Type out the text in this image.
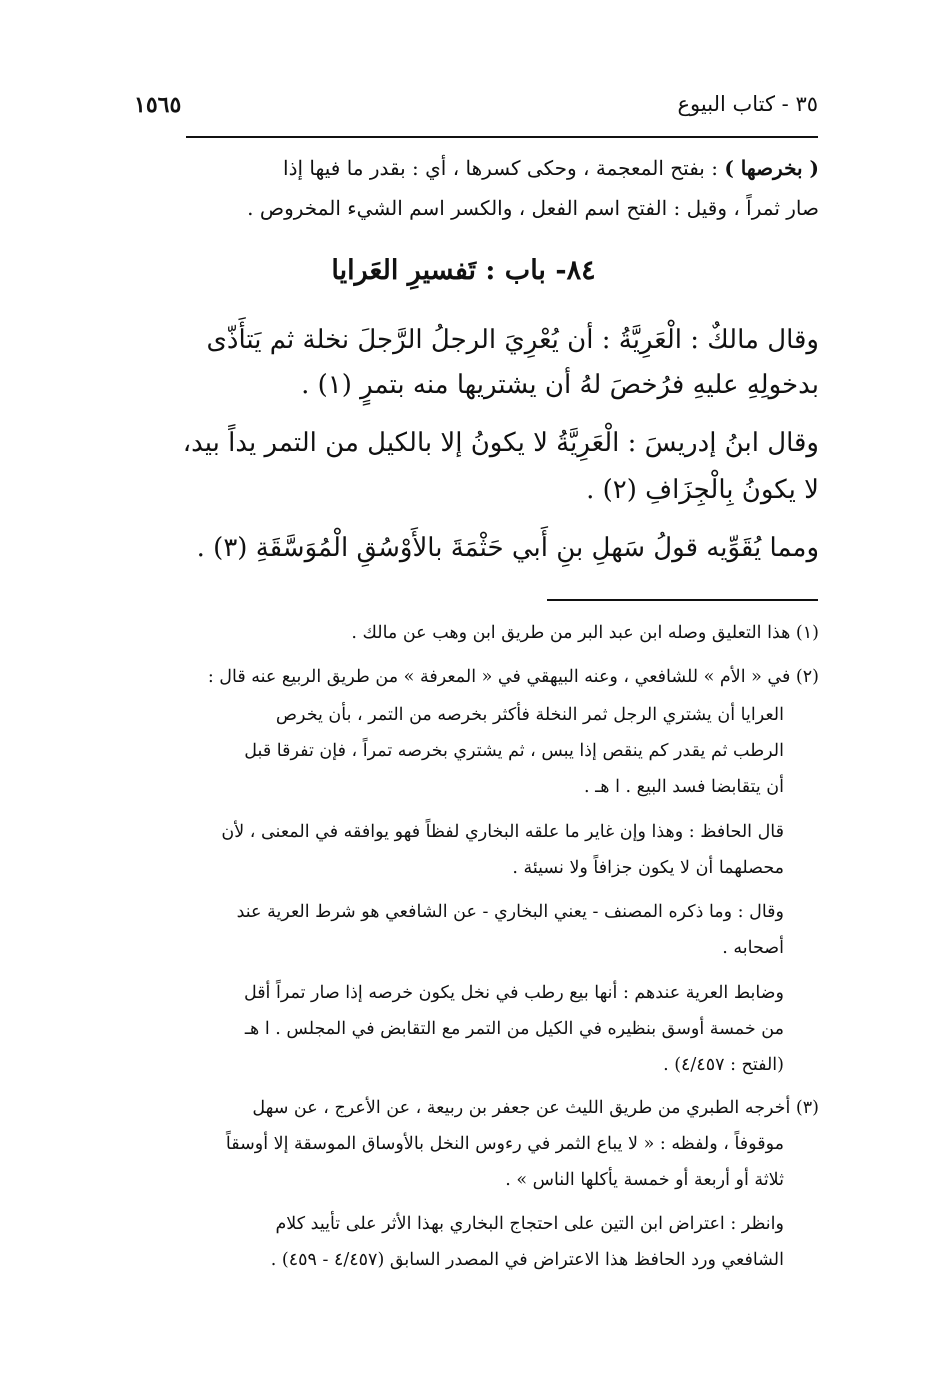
٣٥ - كتاب البيوع
١٥٦٥
( بخرصها ) : بفتح المعجمة ، وحكى كسرها ، أي : بقدر ما فيها إذا
صار ثمراً ، وقيل : الفتح اسم الفعل ، والكسر اسم الشيء المخروص .
٨٤- باب : تَفسيرِ العَرايا
وقال مالكٌ : الْعَرِيَّةُ : أن يُعْرِيَ الرجلُ الرَّجلَ نخلة ثم يَتأَذّى
بدخولِهِ عليهِ فرُخصَ لهُ أن يشتريها منه بتمرٍ (١) .
وقال ابنُ إدريسَ : الْعَرِيَّةُ لا يكونُ إلا بالكيل من التمر يداً بيد،
لا يكونُ بِالْجِزَافِ (٢) .
ومما يُقَوِّيه قولُ سَهلِ بنِ أَبي حَثْمَةَ بالأَوْسُقِ الْمُوَسَّقَةِ (٣) .
(١) هذا التعليق وصله ابن عبد البر من طريق ابن وهب عن مالك .
(٢) في « الأم » للشافعي ، وعنه البيهقي في « المعرفة » من طريق الربيع عنه قال :
العرايا أن يشتري الرجل ثمر النخلة فأكثر بخرصه من التمر ، بأن يخرص
الرطب ثم يقدر كم ينقص إذا يبس ، ثم يشتري بخرصه تمراً ، فإن تفرقا قبل
أن يتقابضا فسد البيع . ا هـ .
قال الحافظ : وهذا وإن غاير ما علقه البخاري لفظاً فهو يوافقه في المعنى ، لأن
محصلهما أن لا يكون جزافاً ولا نسيئة .
وقال : وما ذكره المصنف - يعني البخاري - عن الشافعي هو شرط العرية عند
أصحابه .
وضابط العرية عندهم : أنها بيع رطب في نخل يكون خرصه إذا صار تمراً أقل
من خمسة أوسق بنظيره في الكيل من التمر مع التقابض في المجلس . ا هـ
(الفتح : ٤/٤٥٧) .
(٣) أخرجه الطبري من طريق الليث عن جعفر بن ربيعة ، عن الأعرج ، عن سهل
موقوفاً ، ولفظه : « لا يباع الثمر في رءوس النخل بالأوساق الموسقة إلا أوسقاً
ثلاثة أو أربعة أو خمسة يأكلها الناس » .
وانظر : اعتراض ابن التين على احتجاج البخاري بهذا الأثر على تأييد كلام
الشافعي ورد الحافظ هذا الاعتراض في المصدر السابق (٤/٤٥٧ - ٤٥٩) .
